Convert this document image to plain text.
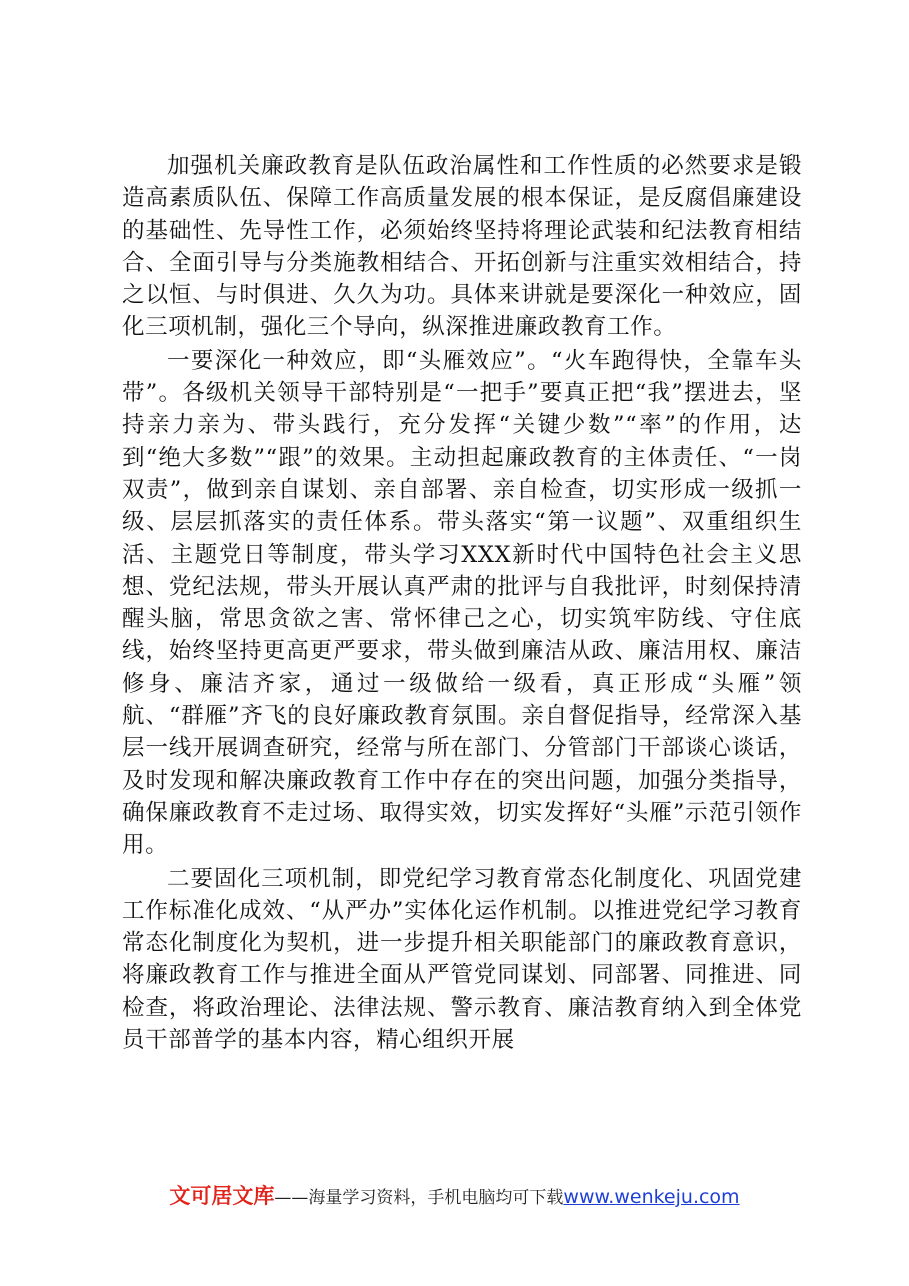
加强机关廉政教育是队伍政治属性和工作性质的必然要求是锻造高素质队伍、保障工作高质量发展的根本保证，是反腐倡廉建设的基础性、先导性工作，必须始终坚持将理论武装和纪法教育相结合、全面引导与分类施教相结合、开拓创新与注重实效相结合，持之以恒、与时俱进、久久为功。具体来讲就是要深化一种效应，固化三项机制，强化三个导向，纵深推进廉政教育工作。

一要深化一种效应，即“头雁效应”。“火车跑得快，全靠车头带”。各级机关领导干部特别是“一把手”要真正把“我”摆进去，坚持亲力亲为、带头践行，充分发挥“关键少数”“率”的作用，达到“绝大多数”“跟”的效果。主动担起廉政教育的主体责任、“一岗双责”，做到亲自谋划、亲自部署、亲自检查，切实形成一级抓一级、层层抓落实的责任体系。带头落实“第一议题”、双重组织生活、主题党日等制度，带头学习XXX新时代中国特色社会主义思想、党纪法规，带头开展认真严肃的批评与自我批评，时刻保持清醒头脑，常思贪欲之害、常怀律己之心，切实筑牢防线、守住底线，始终坚持更高更严要求，带头做到廉洁从政、廉洁用权、廉洁修身、廉洁齐家，通过一级做给一级看，真正形成“头雁”领航、“群雁”齐飞的良好廉政教育氛围。亲自督促指导，经常深入基层一线开展调查研究，经常与所在部门、分管部门干部谈心谈话，及时发现和解决廉政教育工作中存在的突出问题，加强分类指导，确保廉政教育不走过场、取得实效，切实发挥好“头雁”示范引领作用。

二要固化三项机制，即党纪学习教育常态化制度化、巩固党建工作标准化成效、“从严办”实体化运作机制。以推进党纪学习教育常态化制度化为契机，进一步提升相关职能部门的廉政教育意识，将廉政教育工作与推进全面从严管党同谋划、同部署、同推进、同检查，将政治理论、法律法规、警示教育、廉洁教育纳入到全体党员干部普学的基本内容，精心组织开展

文可居文库——海量学习资料，手机电脑均可下载www.wenkeju.com
